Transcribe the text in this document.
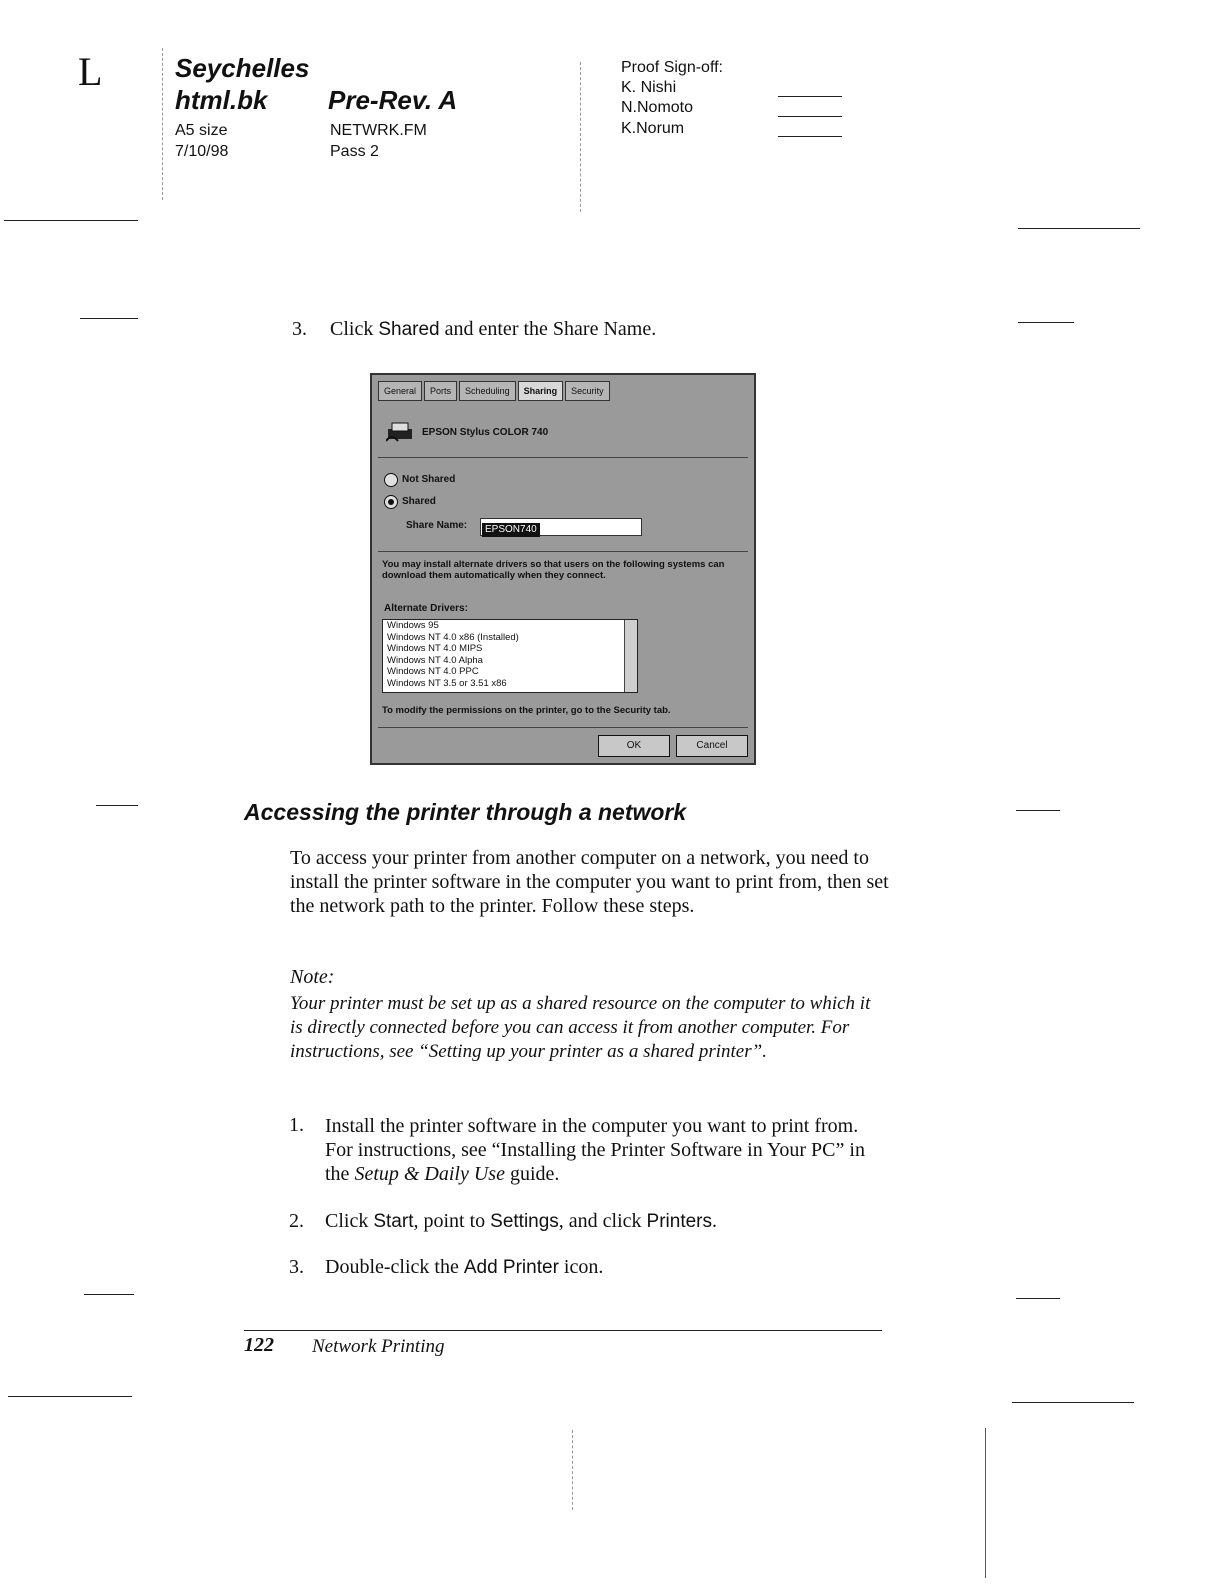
L	Seychelles
html.bk Pre-Rev. A
A5 size
7/10/98
NETWRK.FM
Pass 2
Proof Sign-off:
K. Nishi
N.Nomoto
K.Norum
3. Click Shared and enter the Share Name.
General	Ports	Scheduling	Sharing	Security
EPSON Stylus COLOR 740
Not Shared
Shared
Share Name:	EPSON740
You may install alternate drivers so that users on the following systems can download them automatically when they connect.
Alternate Drivers:
Windows 95
Windows NT 4.0 x86 (Installed)
Windows NT 4.0 MIPS
Windows NT 4.0 Alpha
Windows NT 4.0 PPC
Windows NT 3.5 or 3.51 x86
To modify the permissions on the printer, go to the Security tab.
OK	Cancel
Accessing the printer through a network
To access your printer from another computer on a network, you need to install the printer software in the computer you want to print from, then set the network path to the printer. Follow these steps.
Note:
Your printer must be set up as a shared resource on the computer to which it is directly connected before you can access it from another computer. For instructions, see “Setting up your printer as a shared printer”.
1. Install the printer software in the computer you want to print from. For instructions, see “Installing the Printer Software in Your PC” in the Setup & Daily Use guide.
2. Click Start, point to Settings, and click Printers.
3. Double-click the Add Printer icon.
122 Network Printing
